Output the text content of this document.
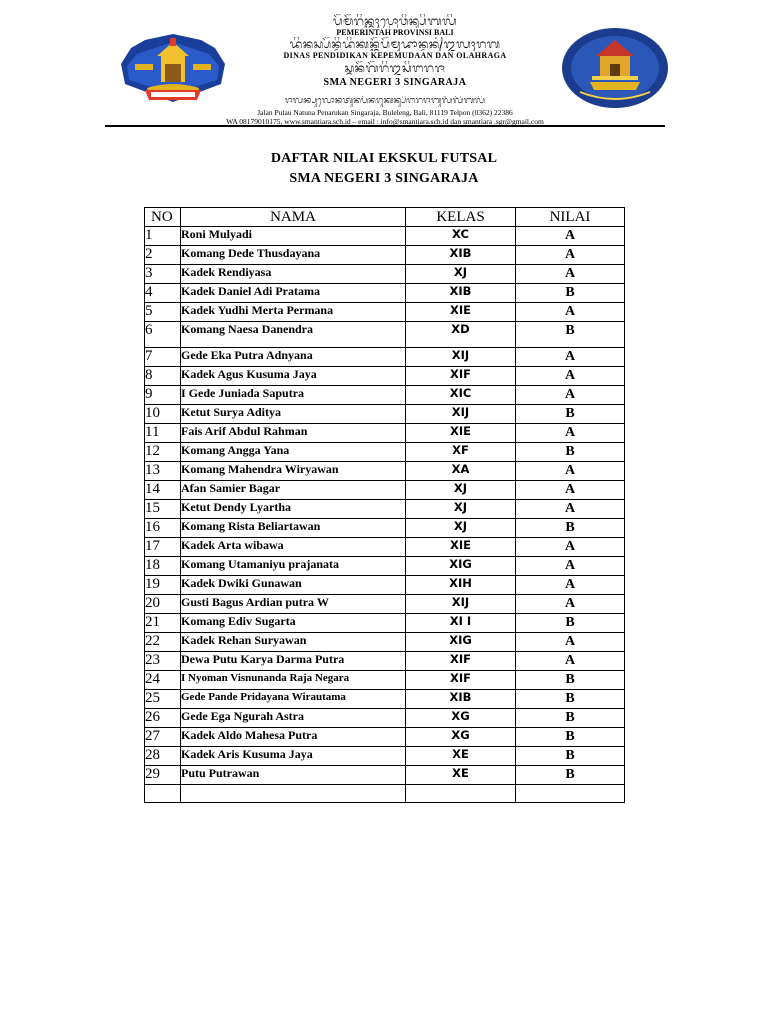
ᬧᭂᬫᭂᬭᬶᬦ᭄ᬢᬄᬧ᭄ᬭᭀᬯᬶᬦ᭄ᬲᬶᬩᬮᬶ
PEMERINTAH PROVINSI BALI
ᬤᬶᬦᬲ᭄ᬧᭂᬦ᭄ᬤᬶᬤᬶᬓᬦ᭄ᬓᭂᬧᭂᬫᬸᬤᬵᬦ᭄ᬤᬦ᭄ᬑᬮᬄᬭᬕ
DINAS PENDIDIKAN KEPEMUDAAN DAN OLAHRAGA
ᬲ᭄ᬫᬦᭂᬕᭂᬭᬶ᭓ᬲᬶᬗᬭᬚ
SMA NEGERI 3 SINGARAJA
ᬚᬮᬦ᭄ᬧᬸᬮᭀᬦᬢᬸᬦᬧᭂᬦᬭᬸᬓᬦ᭄ᬲᬶᬗᬭᬚᬩᬸᬮᭂᬮᭂᬂᬩᬮᬶ
Jalan Pulau Natuna Penarukan Singaraja, Buleleng, Bali, 81119 Telpon (0362) 22386
WA 08179010175, www.smantiara.sch.id – email : info@smantiara.sch.id dan smantiara .sgr@gmail.com
DAFTAR NILAI EKSKUL FUTSAL
SMA NEGERI 3 SINGARAJA
NO	NAMA	KELAS	NILAI
1	Roni Mulyadi	XC	A
2	Komang Dede Thusdayana	XIB	A
3	Kadek Rendiyasa	XJ	A
4	Kadek Daniel Adi Pratama	XIB	B
5	Kadek Yudhi Merta Permana	XIE	A
6	Komang Naesa Danendra	XD	B
7	Gede Eka Putra Adnyana	XIJ	A
8	Kadek Agus Kusuma Jaya	XIF	A
9	I Gede Juniada Saputra	XIC	A
10	Ketut Surya Aditya	XIJ	B
11	Fais Arif Abdul Rahman	XIE	A
12	Komang Angga Yana	XF	B
13	Komang Mahendra Wiryawan	XA	A
14	Afan Samier Bagar	XJ	A
15	Ketut Dendy Lyartha	XJ	A
16	Komang Rista Beliartawan	XJ	B
17	Kadek Arta wibawa	XIE	A
18	Komang Utamaniyu prajanata	XIG	A
19	Kadek Dwiki Gunawan	XIH	A
20	Gusti Bagus Ardian putra W	XIJ	A
21	Komang Ediv Sugarta	XI I	B
22	Kadek Rehan Suryawan	XIG	A
23	Dewa Putu Karya Darma Putra	XIF	A
24	I Nyoman Visnunanda Raja Negara	XIF	B
25	Gede Pande Pridayana Wirautama	XIB	B
26	Gede Ega Ngurah Astra	XG	B
27	Kadek Aldo Mahesa Putra	XG	B
28	Kadek Aris Kusuma Jaya	XE	B
29	Putu Putrawan	XE	B
